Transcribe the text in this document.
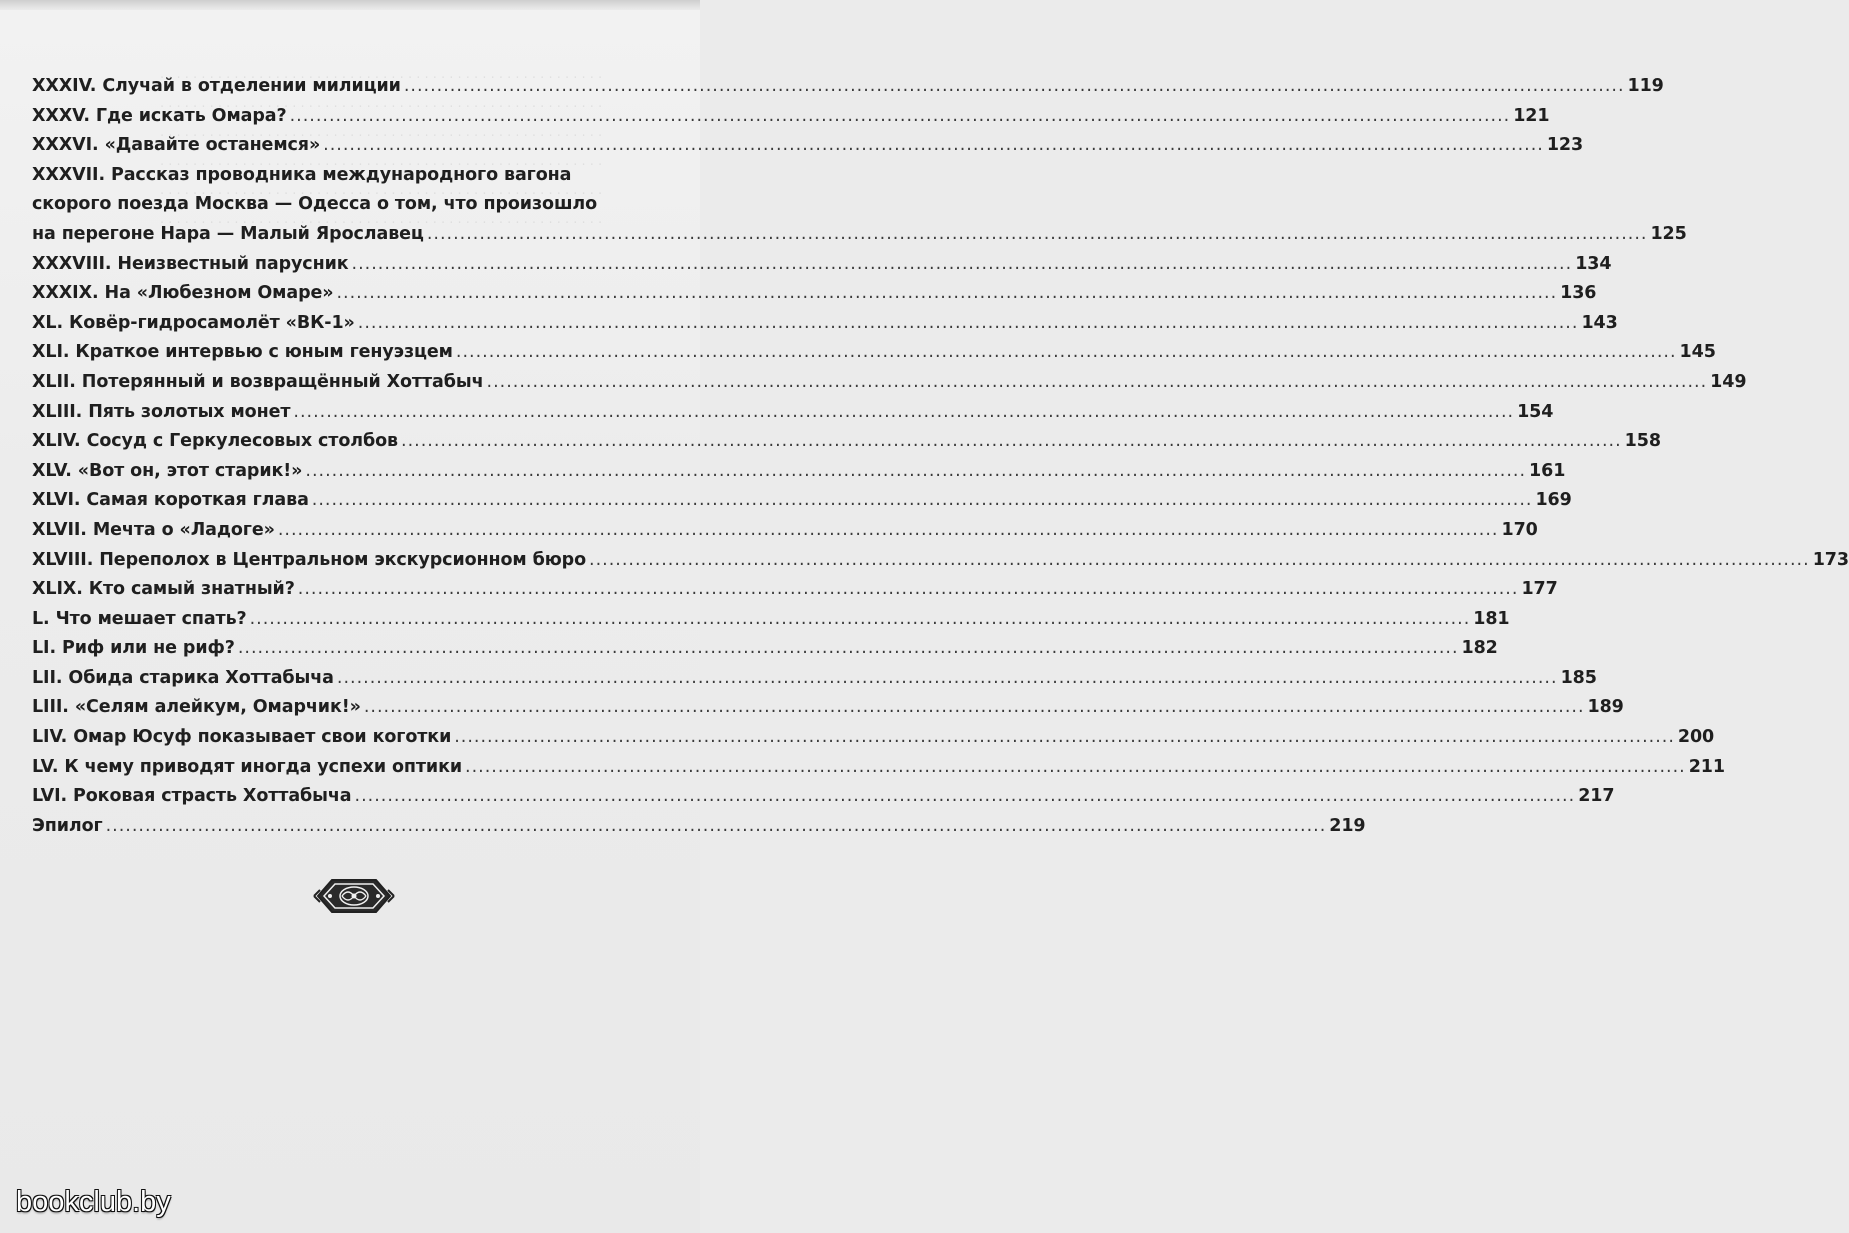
. . . . . . . . . . . . . . . . . . . . . . . . . . . . . . . . . . . . . . . . . . . . . . . . . . . . . .
. . . . . . . . . . . . . . . . . . . . . . . . . . . . . . . . . . . . . . . . . . . . . . . . . . . . . .
. . . . . . . . . . . . . . . . . . . . . . . . . . . . . . . . . . . . . . . . . . . . . . . . . . . . . .
. . . . . . . . . . . . . . . . . . . . . . . . . . . . . . . . . . . . . . . . . . . . . . . . . . . . . .
. . . . . . . . . . . . . . . . . . . . . . . . . . . . . . . . . . . . . . . . . . . . . . . . . . . . . .
. . . . . . . . . . . . . . . . . . . . . . . . . . . . . . . . . . . . . . . . . . . . . . . . . . . . . .
XXXIV. Случай в отделении милиции .....	119
XXXV. Где искать Омара? .....	121
XXXVI. «Давайте останемся» .....	123
XXXVII. Рассказ проводника международного вагона
скорого поезда Москва — Одесса о том, что произошло
на перегоне Нара — Малый Ярославец .....	125
XXXVIII. Неизвестный парусник .....	134
XXXIX. На «Любезном Омаре» .....	136
XL. Ковёр-гидросамолёт «ВК-1» .....	143
XLI. Краткое интервью с юным генуэзцем .....	145
XLII. Потерянный и возвращённый Хоттабыч .....	149
XLIII. Пять золотых монет .....	154
XLIV. Сосуд с Геркулесовых столбов .....	158
XLV. «Вот он, этот старик!» .....	161
XLVI. Самая короткая глава .....	169
XLVII. Мечта о «Ладоге» .....	170
XLVIII. Переполох в Центральном экскурсионном бюро .....	173
XLIX. Кто самый знатный? .....	177
L. Что мешает спать? .....	181
LI. Риф или не риф? .....	182
LII. Обида старика Хоттабыча .....	185
LIII. «Селям алейкум, Омарчик!» .....	189
LIV. Омар Юсуф показывает свои коготки .....	200
LV. К чему приводят иногда успехи оптики .....	211
LVI. Роковая страсть Хоттабыча .....	217
Эпилог .....	219
bookclub.by
